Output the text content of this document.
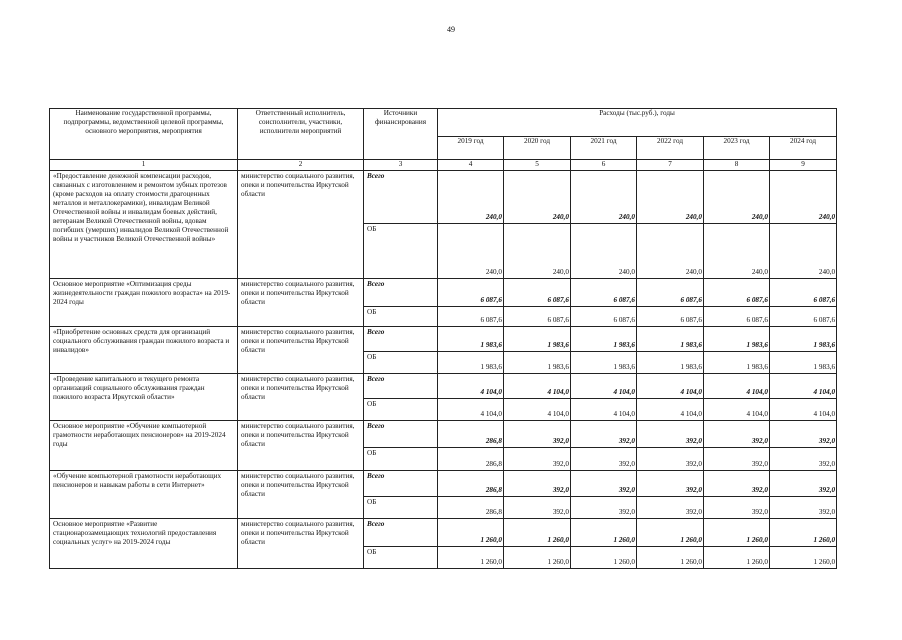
49
Наименование государственной программы, подпрограммы, ведомственной целевой программы, основного мероприятия, мероприятия	Ответственный исполнитель, соисполнители, участники, исполнители мероприятий	Источники финансирования	Расходы (тыс.руб.), годы					
			2019 год	2020 год	2021 год	2022 год	2023 год	2024 год
1	2	3	4	5	6	7	8	9
«Предоставление денежной компенсации расходов, связанных с изготовлением и ремонтом зубных протезов (кроме расходов на оплату стоимости драгоценных металлов и металлокерамики), инвалидам Великой Отечественной войны и инвалидам боевых действий, ветеранам Великой Отечественной войны, вдовам погибших (умерших) инвалидов Великой Отечественной войны и участников Великой Отечественной войны»	министерство социального развития, опеки и попечительства Иркутской области	Всего	240,0	240,0	240,0	240,0	240,0	240,0
		ОБ	240,0	240,0	240,0	240,0	240,0	240,0
Основное мероприятие «Оптимизация среды жизнедеятельности граждан пожилого возраста» на 2019-2024 годы	министерство социального развития, опеки и попечительства Иркутской области	Всего	6 087,6	6 087,6	6 087,6	6 087,6	6 087,6	6 087,6
		ОБ	6 087,6	6 087,6	6 087,6	6 087,6	6 087,6	6 087,6
«Приобретение основных средств для организаций социального обслуживания граждан пожилого возраста и инвалидов»	министерство социального развития, опеки и попечительства Иркутской области	Всего	1 983,6	1 983,6	1 983,6	1 983,6	1 983,6	1 983,6
		ОБ	1 983,6	1 983,6	1 983,6	1 983,6	1 983,6	1 983,6
«Проведение капитального и текущего ремонта организаций социального обслуживания граждан пожилого возраста Иркутской области»	министерство социального развития, опеки и попечительства Иркутской области	Всего	4 104,0	4 104,0	4 104,0	4 104,0	4 104,0	4 104,0
		ОБ	4 104,0	4 104,0	4 104,0	4 104,0	4 104,0	4 104,0
Основное мероприятие «Обучение компьютерной грамотности неработающих пенсионеров» на 2019-2024 годы	министерство социального развития, опеки и попечительства Иркутской области	Всего	286,8	392,0	392,0	392,0	392,0	392,0
		ОБ	286,8	392,0	392,0	392,0	392,0	392,0
«Обучение компьютерной грамотности неработающих пенсионеров и навыкам работы в сети Интернет»	министерство социального развития, опеки и попечительства Иркутской области	Всего	286,8	392,0	392,0	392,0	392,0	392,0
		ОБ	286,8	392,0	392,0	392,0	392,0	392,0
Основное мероприятие «Развитие стационарозамещающих технологий предоставления социальных услуг» на 2019-2024 годы	министерство социального развития, опеки и попечительства Иркутской области	Всего	1 260,0	1 260,0	1 260,0	1 260,0	1 260,0	1 260,0
		ОБ	1 260,0	1 260,0	1 260,0	1 260,0	1 260,0	1 260,0
